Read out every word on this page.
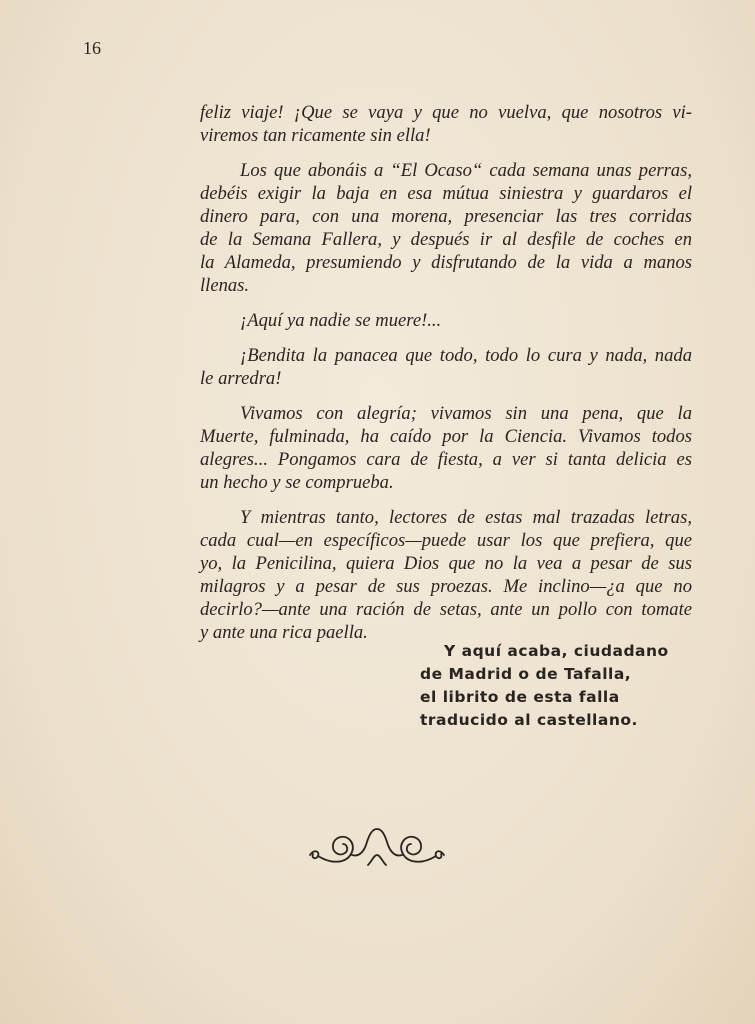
16

feliz viaje! ¡Que se vaya y que no vuelva, que nosotros vi-
viremos tan ricamente sin ella!

Los que abonáis a “El Ocaso“ cada semana unas perras,
debéis exigir la baja en esa mútua siniestra y guardaros el
dinero para, con una morena, presenciar las tres corridas
de la Semana Fallera, y después ir al desfile de coches en
la Alameda, presumiendo y disfrutando de la vida a manos
llenas.

¡Aquí ya nadie se muere!...

¡Bendita la panacea que todo, todo lo cura y nada, nada
le arredra!

Vivamos con alegría; vivamos sin una pena, que la
Muerte, fulminada, ha caído por la Ciencia. Vivamos todos
alegres... Pongamos cara de fiesta, a ver si tanta delicia es
un hecho y se comprueba.

Y mientras tanto, lectores de estas mal trazadas letras,
cada cual—en específicos—puede usar los que prefiera, que
yo, la Penicilina, quiera Dios que no la vea a pesar de sus
milagros y a pesar de sus proezas. Me inclino—¿a que no
decirlo?—ante una ración de setas, ante un pollo con tomate
y ante una rica paella.

Y aquí acaba, ciudadano
de Madrid o de Tafalla,
el librito de esta falla
traducido al castellano.
